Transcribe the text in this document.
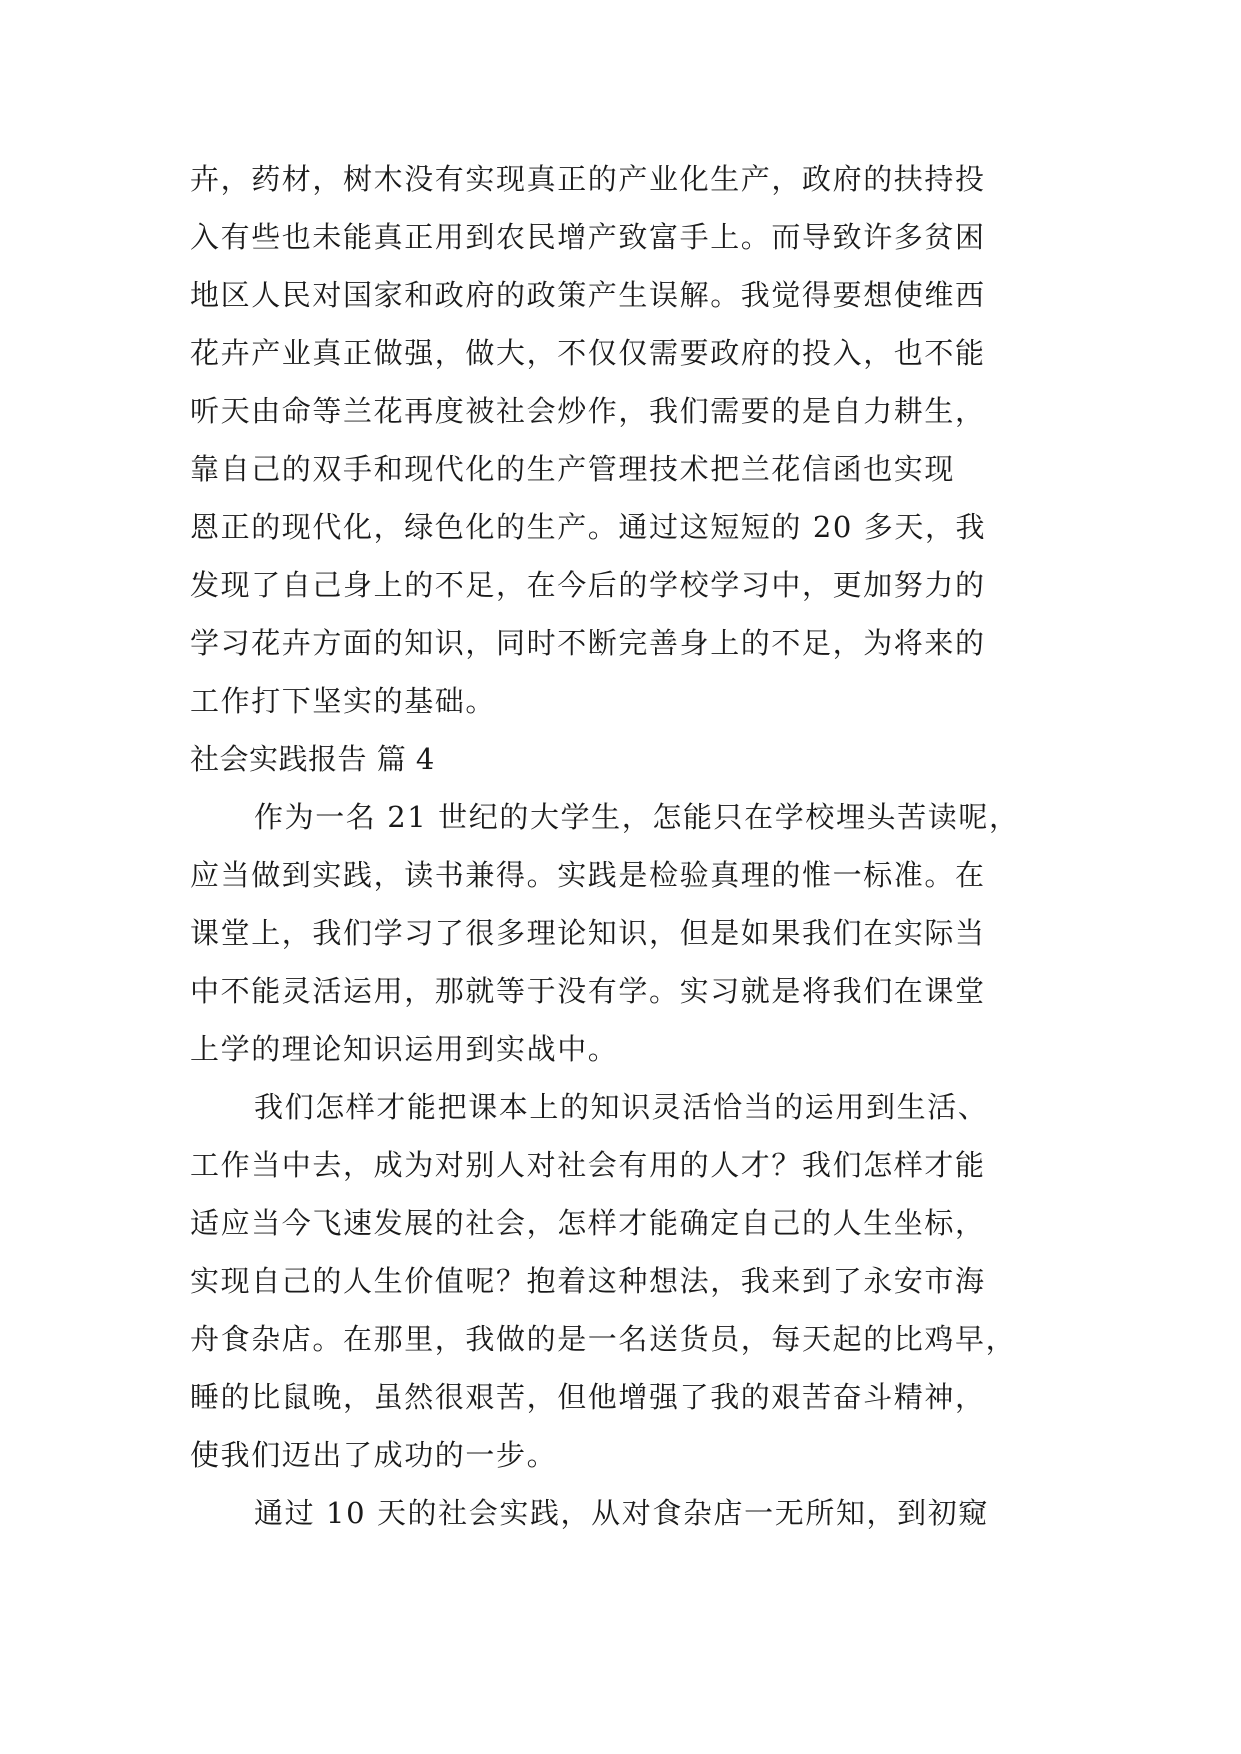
卉，药材，树木没有实现真正的产业化生产，政府的扶持投
入有些也未能真正用到农民增产致富手上。而导致许多贫困
地区人民对国家和政府的政策产生误解。我觉得要想使维西
花卉产业真正做强，做大，不仅仅需要政府的投入，也不能
听天由命等兰花再度被社会炒作，我们需要的是自力耕生，
靠自己的双手和现代化的生产管理技术把兰花信函也实现
恩正的现代化，绿色化的生产。通过这短短的 20 多天，我
发现了自己身上的不足，在今后的学校学习中，更加努力的
学习花卉方面的知识，同时不断完善身上的不足，为将来的
工作打下坚实的基础。
社会实践报告 篇 4
作为一名 21 世纪的大学生，怎能只在学校埋头苦读呢，
应当做到实践，读书兼得。实践是检验真理的惟一标准。在
课堂上，我们学习了很多理论知识，但是如果我们在实际当
中不能灵活运用，那就等于没有学。实习就是将我们在课堂
上学的理论知识运用到实战中。
我们怎样才能把课本上的知识灵活恰当的运用到生活、
工作当中去，成为对别人对社会有用的人才？我们怎样才能
适应当今飞速发展的社会，怎样才能确定自己的人生坐标，
实现自己的人生价值呢？抱着这种想法，我来到了永安市海
舟食杂店。在那里，我做的是一名送货员，每天起的比鸡早，
睡的比鼠晚，虽然很艰苦，但他增强了我的艰苦奋斗精神，
使我们迈出了成功的一步。
通过 10 天的社会实践，从对食杂店一无所知，到初窥
